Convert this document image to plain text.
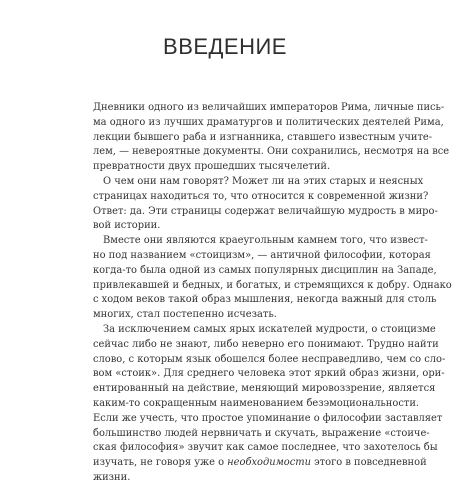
ВВЕДЕНИЕ
Дневники одного из величайших императоров Рима, личные пись-
ма одного из лучших драматургов и политических деятелей Рима,
лекции бывшего раба и изгнанника, ставшего известным учите-
лем, — невероятные документы. Они сохранились, несмотря на все
превратности двух прошедших тысячелетий.
О чем они нам говорят? Может ли на этих старых и неясных
страницах находиться то, что относится к современной жизни?
Ответ: да. Эти страницы содержат величайшую мудрость в миро-
вой истории.
Вместе они являются краеугольным камнем того, что извест-
но под названием «стоицизм», — античной философии, которая
когда-то была одной из самых популярных дисциплин на Западе,
привлекавшей и бедных, и богатых, и стремящихся к добру. Однако
с ходом веков такой образ мышления, некогда важный для столь
многих, стал постепенно исчезать.
За исключением самых ярых искателей мудрости, о стоицизме
сейчас либо не знают, либо неверно его понимают. Трудно найти
слово, с которым язык обошелся более несправедливо, чем со сло-
вом «стоик». Для среднего человека этот яркий образ жизни, ори-
ентированный на действие, меняющий мировоззрение, является
каким-то сокращенным наименованием безэмоциональности.
Если же учесть, что простое упоминание о философии заставляет
большинство людей нервничать и скучать, выражение «стоиче-
ская философия» звучит как самое последнее, что захотелось бы
изучать, не говоря уже о необходимости этого в повседневной
жизни.
